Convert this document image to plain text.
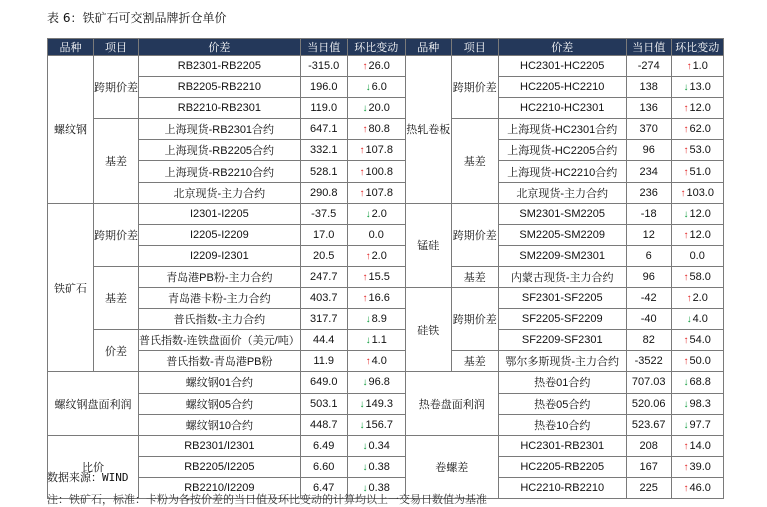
表 6：铁矿石可交割品牌折仓单价
品种	项目	价差	当日值	环比变动	品种	项目	价差	当日值	环比变动
螺纹钢	跨期价差	RB2301-RB2205	-315.0	↑26.0	热轧卷板	跨期价差	HC2301-HC2205	-274	↑1.0
		RB2205-RB2210	196.0	↓6.0			HC2205-HC2210	138	↓13.0
		RB2210-RB2301	119.0	↓20.0			HC2210-HC2301	136	↑12.0
	基差	上海现货-RB2301合约	647.1	↑80.8		基差	上海现货-HC2301合约	370	↑62.0
		上海现货-RB2205合约	332.1	↑107.8			上海现货-HC2205合约	96	↑53.0
		上海现货-RB2210合约	528.1	↑100.8			上海现货-HC2210合约	234	↑51.0
		北京现货-主力合约	290.8	↑107.8			北京现货-主力合约	236	↑103.0
铁矿石	跨期价差	I2301-I2205	-37.5	↓2.0	锰硅	跨期价差	SM2301-SM2205	-18	↓12.0
		I2205-I2209	17.0	0.0			SM2205-SM2209	12	↑12.0
		I2209-I2301	20.5	↑2.0			SM2209-SM2301	6	0.0
	基差	青岛港PB粉-主力合约	247.7	↑15.5		基差	内蒙古现货-主力合约	96	↑58.0
		青岛港卡粉-主力合约	403.7	↑16.6	硅铁	跨期价差	SF2301-SF2205	-42	↑2.0
		普氏指数-主力合约	317.7	↓8.9			SF2205-SF2209	-40	↓4.0
	价差	普氏指数-连铁盘面价（美元/吨）	44.4	↓1.1			SF2209-SF2301	82	↑54.0
		普氏指数-青岛港PB粉	11.9	↑4.0		基差	鄂尔多斯现货-主力合约	-3522	↑50.0
螺纹钢盘面利润		螺纹钢01合约	649.0	↓96.8	热卷盘面利润		热卷01合约	707.03	↓68.8
		螺纹钢05合约	503.1	↓149.3			热卷05合约	520.06	↓98.3
		螺纹钢10合约	448.7	↓156.7			热卷10合约	523.67	↓97.7
比价		RB2301/I2301	6.49	↓0.34	卷螺差		HC2301-RB2301	208	↑14.0
		RB2205/I2205	6.60	↓0.38			HC2205-RB2205	167	↑39.0
		RB2210/I2209	6.47	↓0.38			HC2210-RB2210	225	↑46.0
数据来源：WIND
注：铁矿石，标准：卡粉为各按价差的当日值及环比变动的计算均以上一交易日数值为基准
